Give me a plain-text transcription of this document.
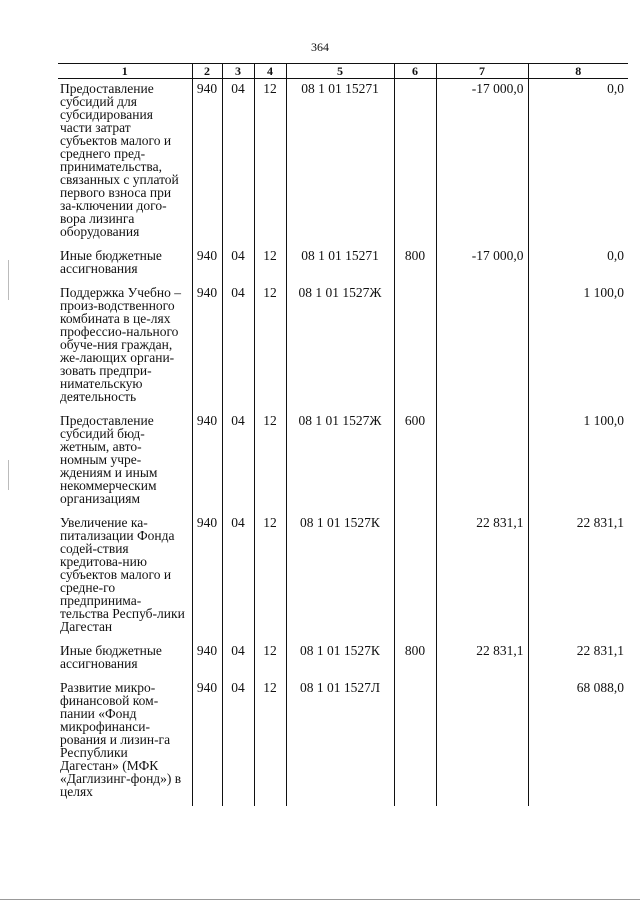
364
1	2	3	4	5	6	7	8
Предоставление субсидий для субсидирования части затрат субъектов малого и среднего пред-принимательства, связанных с уплатой первого взноса при за-ключении дого-вора лизинга оборудования	940	04	12	08 1 01 15271		-17 000,0	0,0
Иные бюджетные ассигнования	940	04	12	08 1 01 15271	800	-17 000,0	0,0
Поддержка Учебно – произ-водственного комбината в це-лях профессио-нального обуче-ния граждан, же-лающих органи-зовать предпри-нимательскую деятельность	940	04	12	08 1 01 1527Ж			1 100,0
Предоставление субсидий бюд-жетным, авто-номным учре-ждениям и иным некоммерческим организациям	940	04	12	08 1 01 1527Ж	600		1 100,0
Увеличение ка-питализации Фонда содей-ствия кредитова-нию субъектов малого и средне-го предпринима-тельства Респуб-лики Дагестан	940	04	12	08 1 01 1527К		22 831,1	22 831,1
Иные бюджетные ассигнования	940	04	12	08 1 01 1527К	800	22 831,1	22 831,1
Развитие микро-финансовой ком-пании «Фонд микрофинанси-рования и лизин-га Республики Дагестан» (МФК «Даглизинг-фонд») в целях	940	04	12	08 1 01 1527Л			68 088,0
